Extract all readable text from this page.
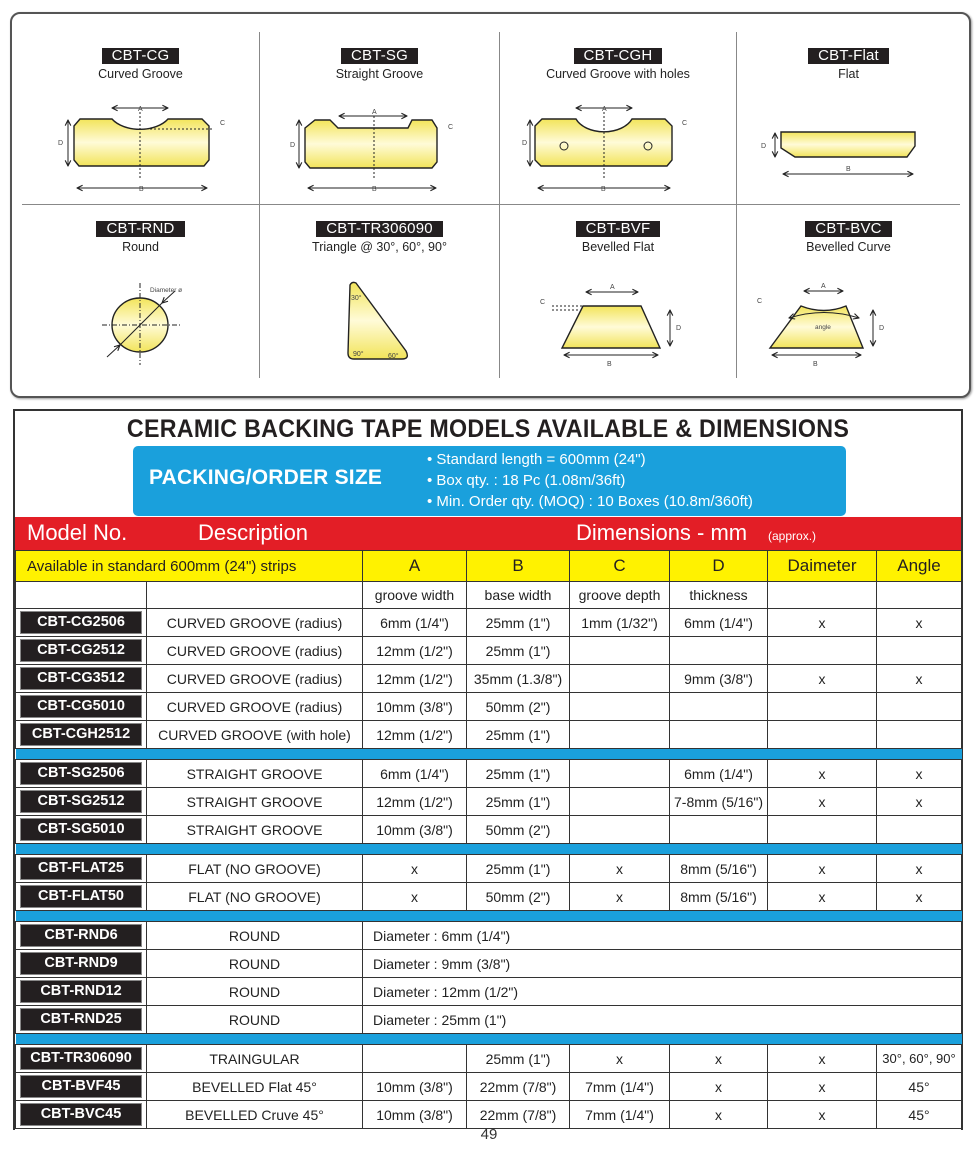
CBT-CG
Curved Groove
A
D
B
C
CBT-SG
Straight Groove
A
D
B
C
CBT-CGH
Curved Groove with holes
A
D
B
C
CBT-Flat
Flat
D
B
CBT-RND
Round
Diameter ø
CBT-TR306090
Triangle @ 30°, 60°, 90°
30°
90°	60°
CBT-BVF
Bevelled Flat
A
C
D
B
CBT-BVC
Bevelled Curve
angle
A
C
D
B
CERAMIC BACKING TAPE MODELS AVAILABLE & DIMENSIONS
PACKING/ORDER SIZE
• Standard length = 600mm (24")
• Box qty. : 18 Pc (1.08m/36ft)
• Min. Order qty. (MOQ) : 10 Boxes (10.8m/360ft)
Model No.	Description	Dimensions - mm (approx.)
Available in standard 600mm (24") strips		A	B	C	D	Daimeter	Angle
		groove width	base width	groove depth	thickness		

CBT-CG2506	CURVED GROOVE (radius)	6mm (1/4")	25mm (1")	1mm (1/32")	6mm (1/4")	x	x

CBT-CG2512	CURVED GROOVE (radius)	12mm (1/2")	25mm (1")				

CBT-CG3512	CURVED GROOVE (radius)	12mm (1/2")	35mm (1.3/8")		9mm (3/8")	x	x

CBT-CG5010	CURVED GROOVE (radius)	10mm (3/8")	50mm (2")				

CBT-CGH2512	CURVED GROOVE (with hole)	12mm (1/2")	25mm (1")				

CBT-SG2506	STRAIGHT GROOVE	6mm (1/4")	25mm (1")		6mm (1/4")	x	x

CBT-SG2512	STRAIGHT GROOVE	12mm (1/2")	25mm (1")		7-8mm (5/16")	x	x

CBT-SG5010	STRAIGHT GROOVE	10mm (3/8")	50mm (2")				

CBT-FLAT25	FLAT (NO GROOVE)	x	25mm (1")	x	8mm (5/16")	x	x

CBT-FLAT50	FLAT (NO GROOVE)	x	50mm (2")	x	8mm (5/16")	x	x

CBT-RND6	ROUND	Diameter : 6mm (1/4")					

CBT-RND9	ROUND	Diameter : 9mm (3/8")					

CBT-RND12	ROUND	Diameter : 12mm (1/2")					

CBT-RND25	ROUND	Diameter : 25mm (1")					

CBT-TR306090	TRAINGULAR		25mm (1")	x	x	x	30°, 60°, 90°

CBT-BVF45	BEVELLED Flat 45°	10mm (3/8")	22mm (7/8")	7mm (1/4")	x	x	45°

CBT-BVC45	BEVELLED Cruve 45°	10mm (3/8")	22mm (7/8")	7mm (1/4")	x	x	45°
49
